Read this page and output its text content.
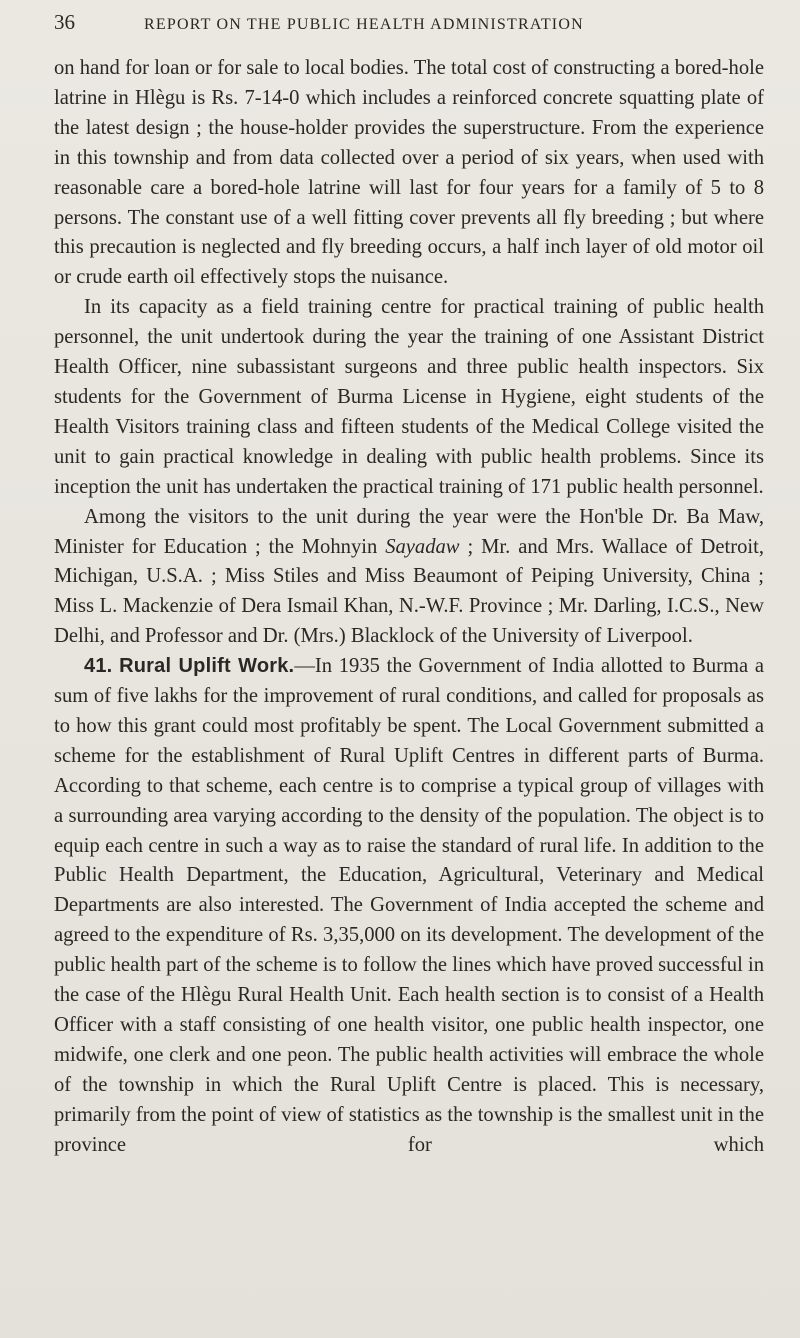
36	REPORT ON THE PUBLIC HEALTH ADMINISTRATION

on hand for loan or for sale to local bodies. The total cost of constructing a bored-hole latrine in Hlègu is Rs. 7-14-0 which includes a reinforced concrete squatting plate of the latest design ; the house-holder provides the superstructure. From the experience in this township and from data collected over a period of six years, when used with reasonable care a bored-hole latrine will last for four years for a family of 5 to 8 persons. The constant use of a well fitting cover prevents all fly breeding ; but where this precaution is neglected and fly breeding occurs, a half inch layer of old motor oil or crude earth oil effectively stops the nuisance.

In its capacity as a field training centre for practical training of public health personnel, the unit undertook during the year the training of one Assistant District Health Officer, nine subassistant surgeons and three public health inspectors. Six students for the Government of Burma License in Hygiene, eight students of the Health Visitors training class and fifteen students of the Medical College visited the unit to gain practical knowledge in dealing with public health problems. Since its inception the unit has undertaken the practical training of 171 public health personnel.

Among the visitors to the unit during the year were the Hon'ble Dr. Ba Maw, Minister for Education ; the Mohnyin Sayadaw ; Mr. and Mrs. Wallace of Detroit, Michigan, U.S.A. ; Miss Stiles and Miss Beaumont of Peiping University, China ; Miss L. Mackenzie of Dera Ismail Khan, N.-W.F. Province ; Mr. Darling, I.C.S., New Delhi, and Professor and Dr. (Mrs.) Blacklock of the University of Liverpool.

41. Rural Uplift Work.—In 1935 the Government of India allotted to Burma a sum of five lakhs for the improvement of rural conditions, and called for proposals as to how this grant could most profitably be spent. The Local Government submitted a scheme for the establishment of Rural Uplift Centres in different parts of Burma. According to that scheme, each centre is to comprise a typical group of villages with a surrounding area varying according to the density of the population. The object is to equip each centre in such a way as to raise the standard of rural life. In addition to the Public Health Department, the Education, Agricultural, Veterinary and Medical Departments are also interested. The Government of India accepted the scheme and agreed to the expenditure of Rs. 3,35,000 on its development. The development of the public health part of the scheme is to follow the lines which have proved successful in the case of the Hlègu Rural Health Unit. Each health section is to consist of a Health Officer with a staff consisting of one health visitor, one public health inspector, one midwife, one clerk and one peon. The public health activities will embrace the whole of the township in which the Rural Uplift Centre is placed. This is necessary, primarily from the point of view of statistics as the township is the smallest unit in the province for which
